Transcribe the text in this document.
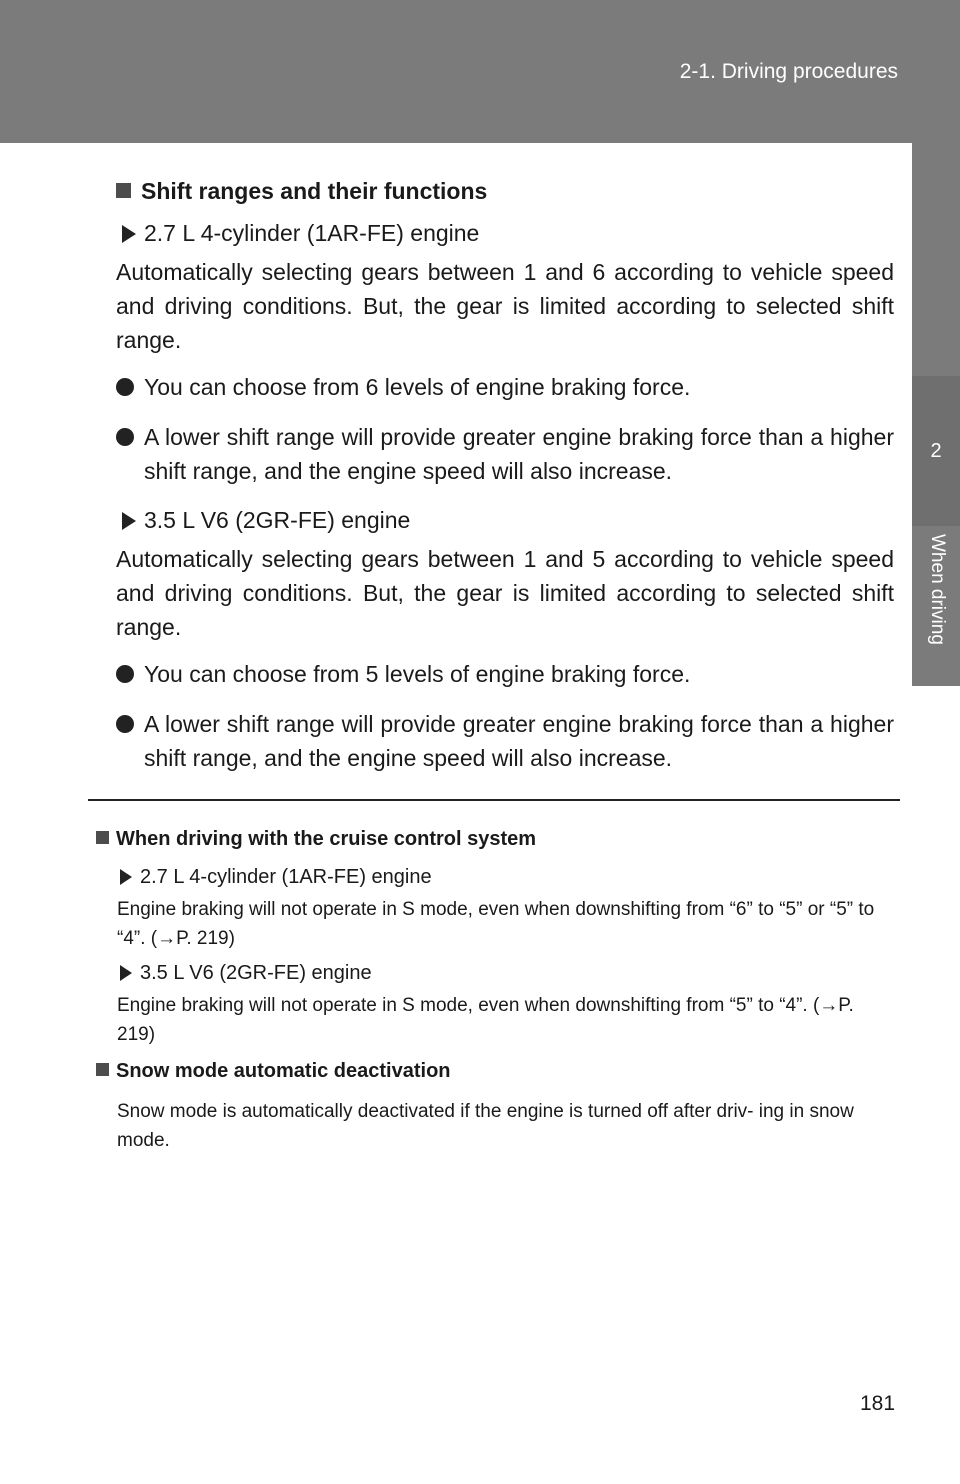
2-1. Driving procedures
2
When driving
Shift ranges and their functions
2.7 L 4-cylinder (1AR-FE) engine
Automatically selecting gears between 1 and 6 according to vehicle speed and driving conditions. But, the gear is limited according to selected shift range.
You can choose from 6 levels of engine braking force.
A lower shift range will provide greater engine braking force than a higher shift range, and the engine speed will also increase.
3.5 L V6 (2GR-FE) engine
Automatically selecting gears between 1 and 5 according to vehicle speed and driving conditions. But, the gear is limited according to selected shift range.
You can choose from 5 levels of engine braking force.
A lower shift range will provide greater engine braking force than a higher shift range, and the engine speed will also increase.
When driving with the cruise control system
2.7 L 4-cylinder (1AR-FE) engine
Engine braking will not operate in S mode, even when downshifting from “6” to “5” or “5” to “4”. (→P. 219)
3.5 L V6 (2GR-FE) engine
Engine braking will not operate in S mode, even when downshifting from “5” to “4”. (→P. 219)
Snow mode automatic deactivation
Snow mode is automatically deactivated if the engine is turned off after driv- ing in snow mode.
181
